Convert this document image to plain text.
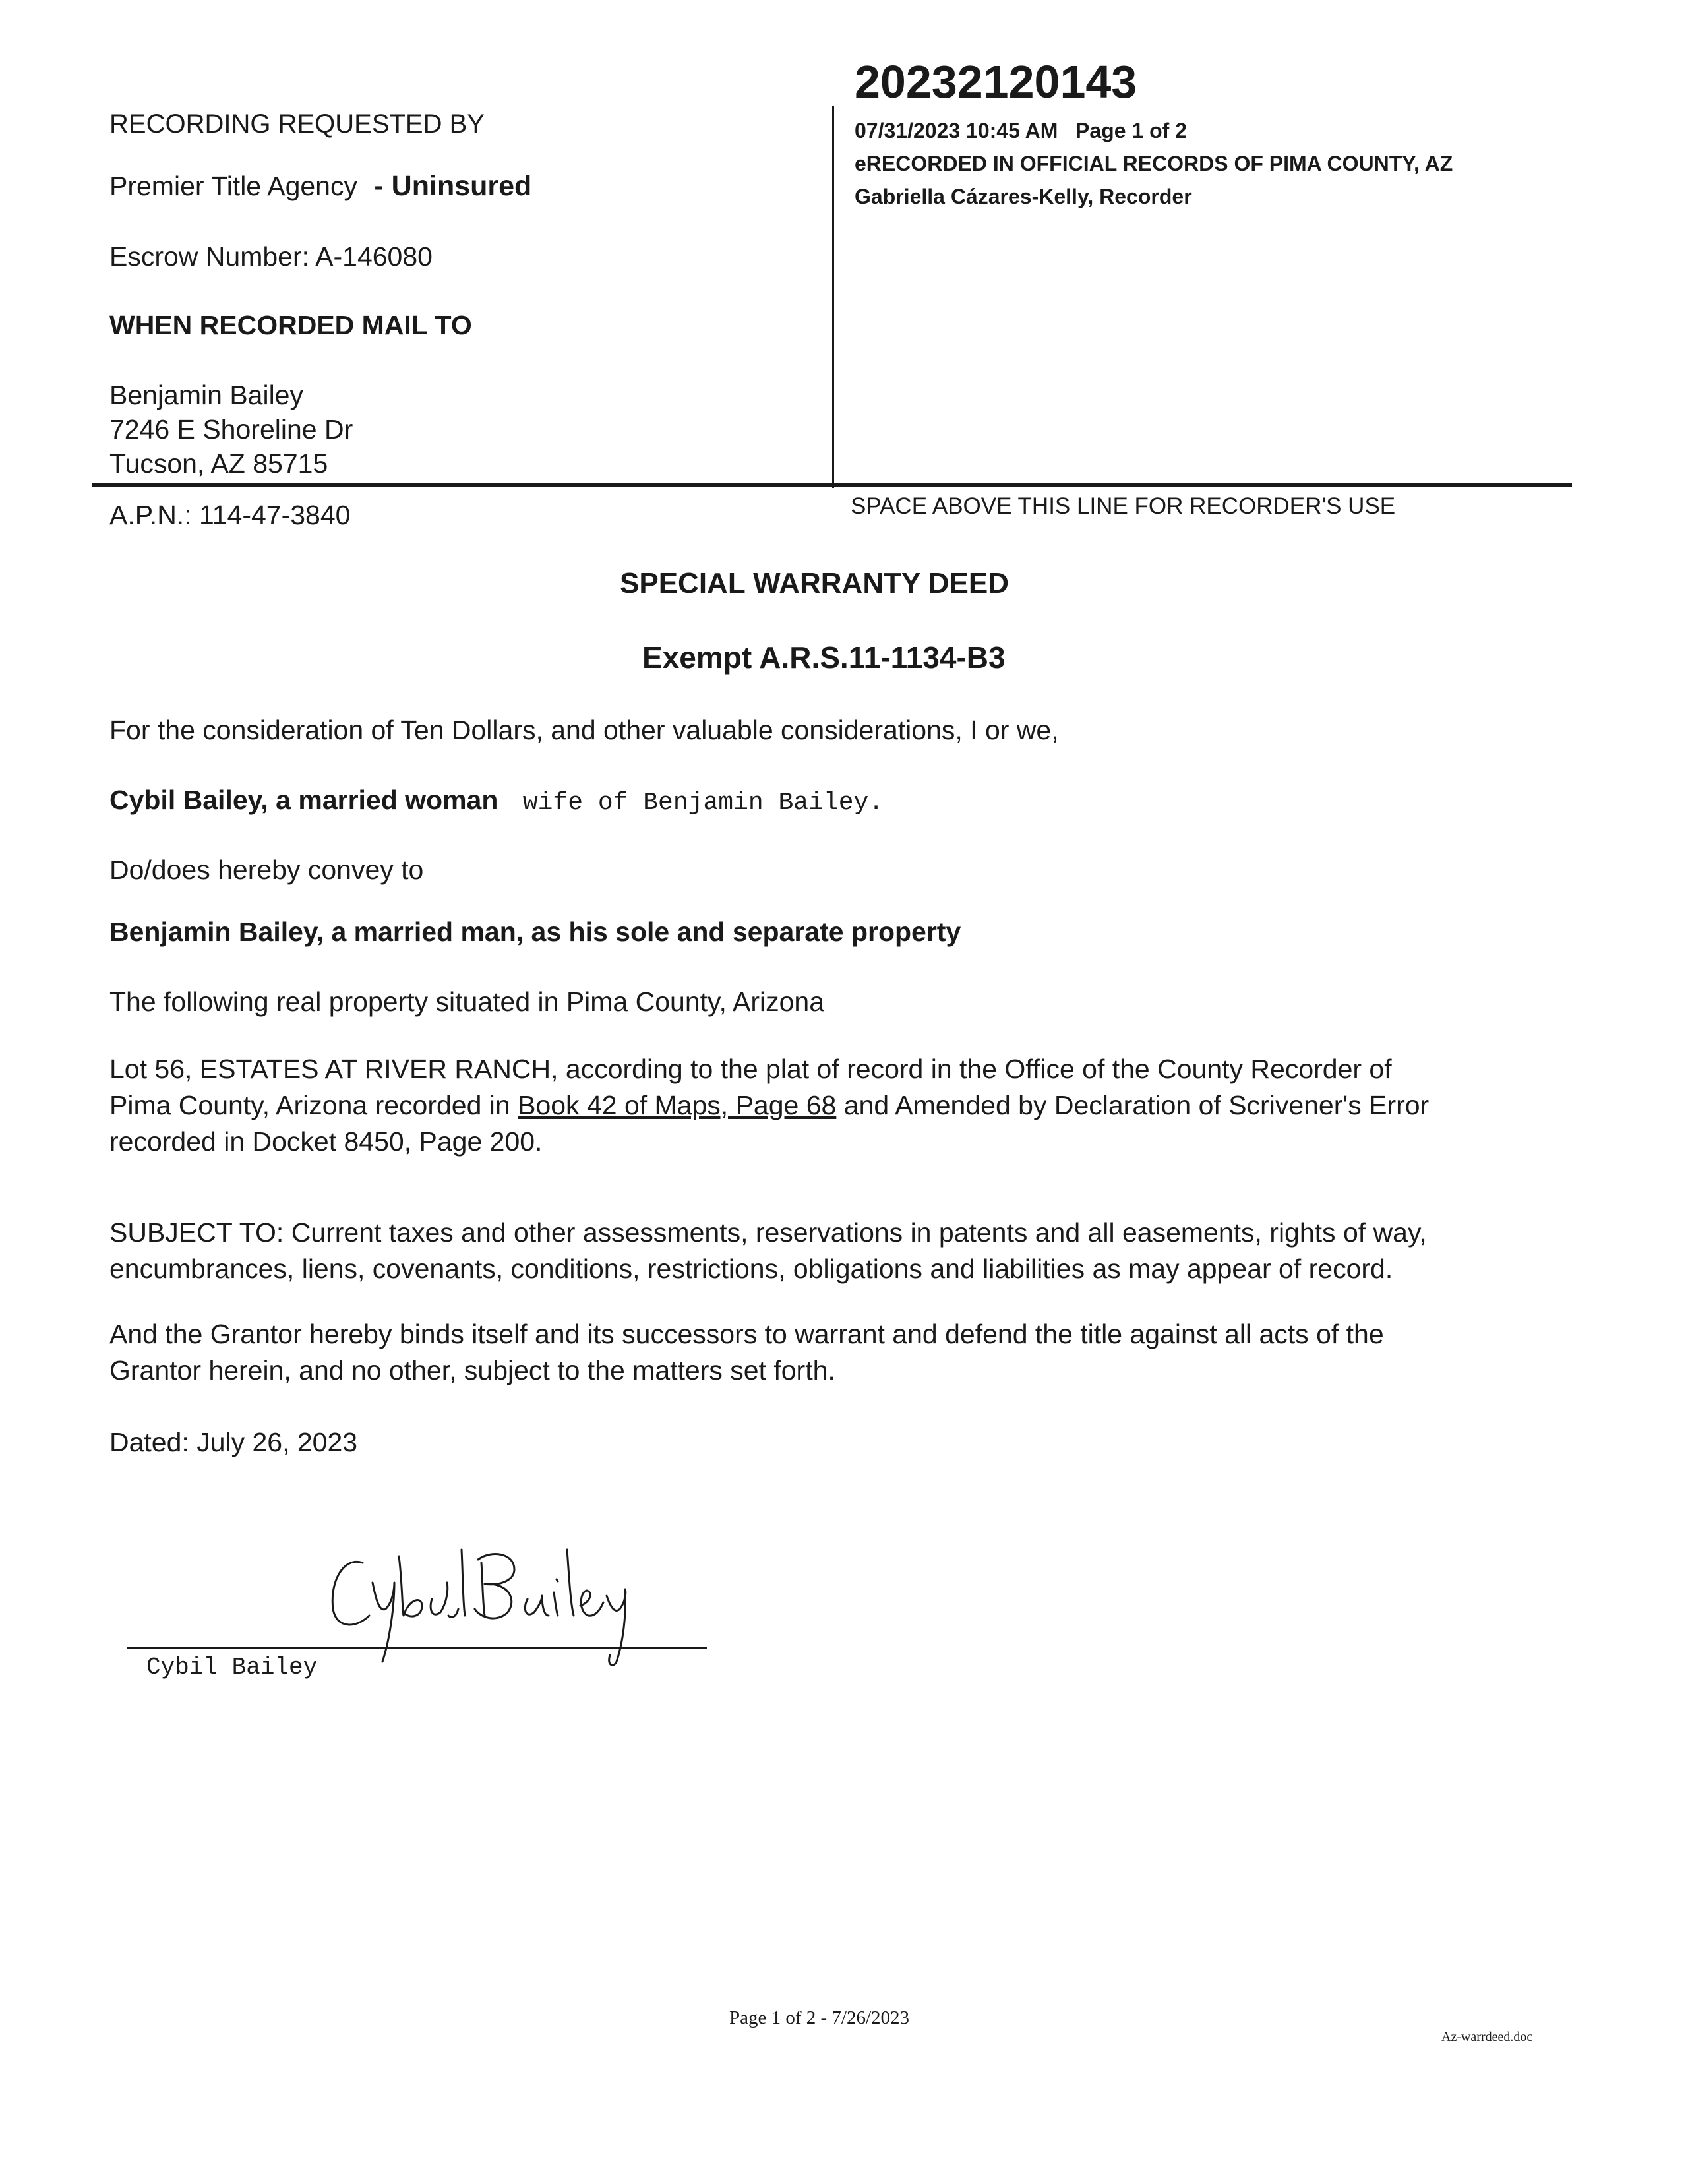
20232120143
07/31/2023 10:45 AM Page 1 of 2
eRECORDED IN OFFICIAL RECORDS OF PIMA COUNTY, AZ
Gabriella Cázares-Kelly, Recorder
RECORDING REQUESTED BY
Premier Title Agency - Uninsured
Escrow Number: A-146080
WHEN RECORDED MAIL TO
Benjamin Bailey
7246 E Shoreline Dr
Tucson, AZ 85715
A.P.N.: 114-47-3840	SPACE ABOVE THIS LINE FOR RECORDER'S USE
SPECIAL WARRANTY DEED
Exempt A.R.S.11-1134-B3
For the consideration of Ten Dollars, and other valuable considerations, I or we,
Cybil Bailey, a married woman wife of Benjamin Bailey.
Do/does hereby convey to
Benjamin Bailey, a married man, as his sole and separate property
The following real property situated in Pima County, Arizona
Lot 56, ESTATES AT RIVER RANCH, according to the plat of record in the Office of the County Recorder of
Pima County, Arizona recorded in Book 42 of Maps, Page 68 and Amended by Declaration of Scrivener's Error
recorded in Docket 8450, Page 200.
SUBJECT TO: Current taxes and other assessments, reservations in patents and all easements, rights of way,
encumbrances, liens, covenants, conditions, restrictions, obligations and liabilities as may appear of record.
And the Grantor hereby binds itself and its successors to warrant and defend the title against all acts of the
Grantor herein, and no other, subject to the matters set forth.
Dated: July 26, 2023
Cybil Bailey
Page 1 of 2 - 7/26/2023
Az-warrdeed.doc
